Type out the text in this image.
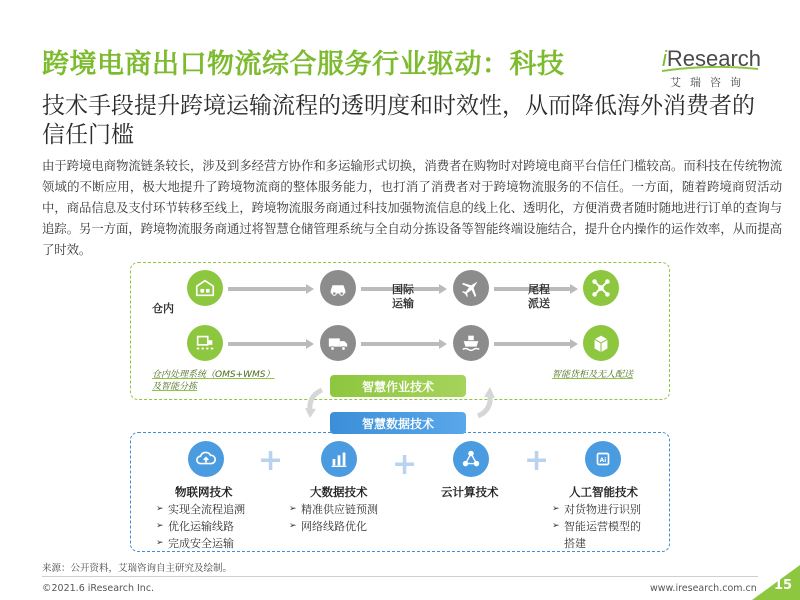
跨境电商出口物流综合服务行业驱动：科技	iResearch
艾瑞咨询
技术手段提升跨境运输流程的透明度和时效性，从而降低海外消费者的信任门槛
由于跨境电商物流链条较长，涉及到多经营方协作和多运输形式切换，消费者在购物时对跨境电商平台信任门槛较高。而科技在传统物流领域的不断应用，极大地提升了跨境物流商的整体服务能力，也打消了消费者对于跨境物流服务的不信任。一方面，随着跨境商贸活动中，商品信息及支付环节转移至线上，跨境物流服务商通过科技加强物流信息的线上化、透明化，方便消费者随时随地进行订单的查询与追踪。另一方面，跨境物流服务商通过将智慧仓储管理系统与全自动分拣设备等智能终端设施结合，提升仓内操作的运作效率，从而提高了时效。
仓内
国际
运输
尾程
派送
仓内处理系统（OMS+WMS）
及智能分拣
智能货柜及无人配送
智慧作业技术
智慧数据技术
Ai
+	+	+
物联网技术	大数据技术	云计算技术	人工智能技术
➢ 实现全流程追溯
➢ 优化运输线路
➢ 完成安全运输
➢ 精准供应链预测
➢ 网络线路优化
➢ 对货物进行识别
➢ 智能运营模型的
搭建
来源：公开资料，艾瑞咨询自主研究及绘制。
©2021.6 iResearch Inc.	www.iresearch.com.cn 15
